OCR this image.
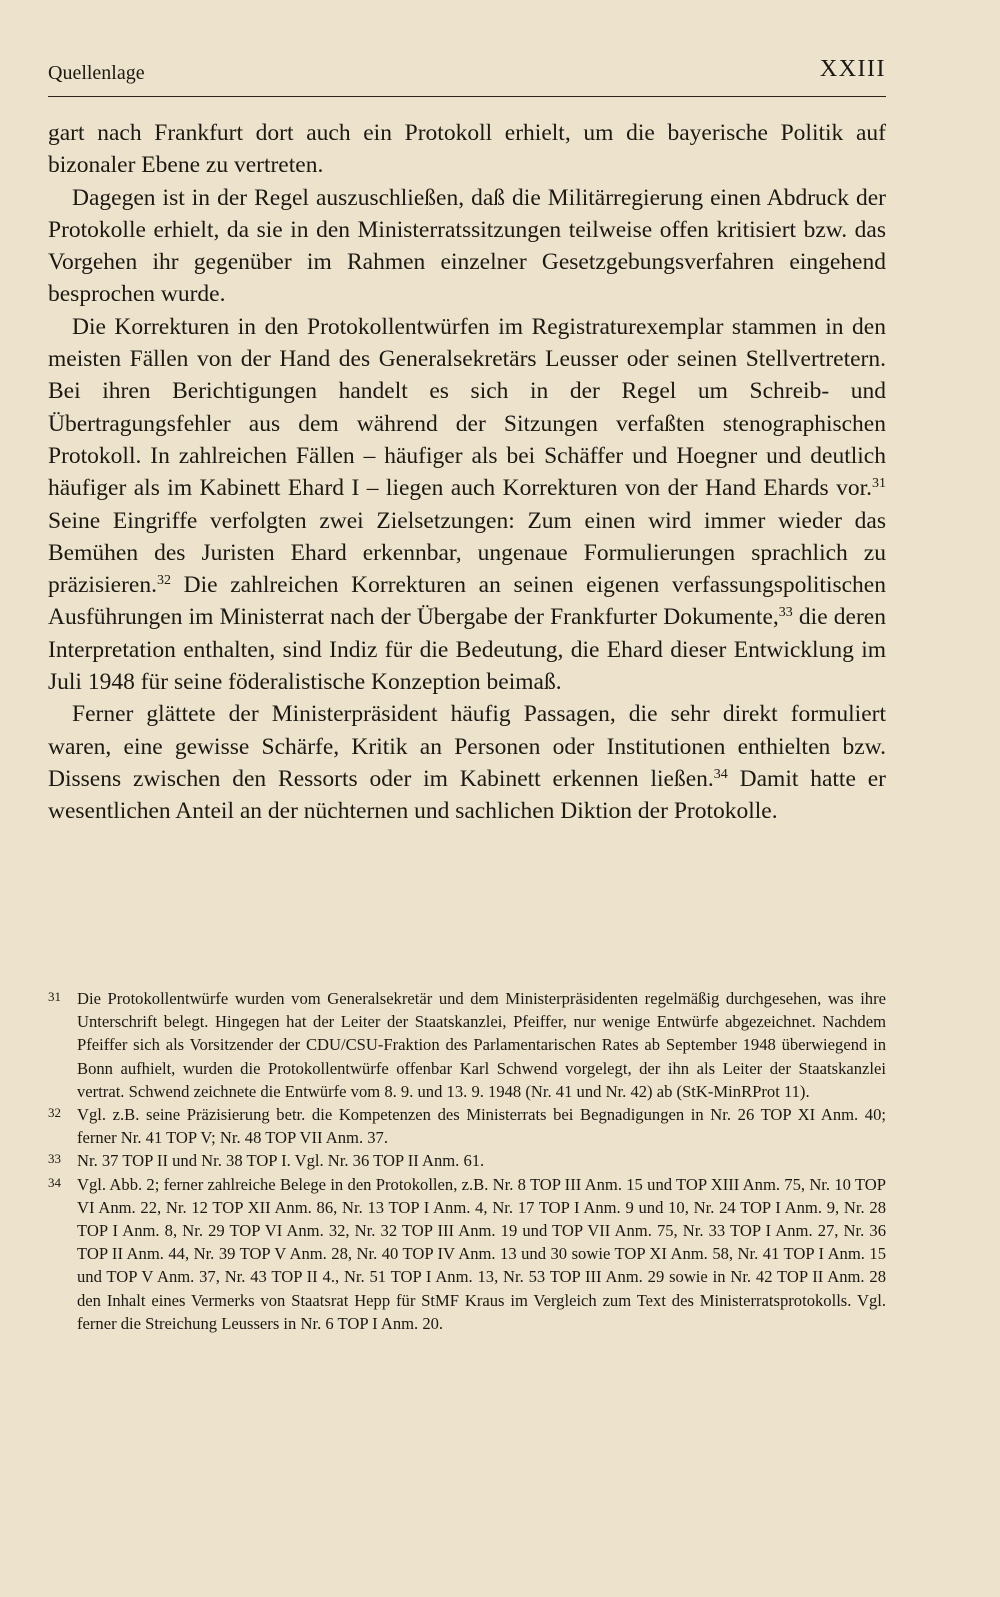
Quellenlage	XXIII

gart nach Frankfurt dort auch ein Protokoll erhielt, um die bayerische Politik auf bizonaler Ebene zu vertreten.

Dagegen ist in der Regel auszuschließen, daß die Militärregierung einen Abdruck der Protokolle erhielt, da sie in den Ministerratssitzungen teilweise offen kritisiert bzw. das Vorgehen ihr gegenüber im Rahmen einzelner Gesetzgebungsverfahren eingehend besprochen wurde.

Die Korrekturen in den Protokollentwürfen im Registraturexemplar stammen in den meisten Fällen von der Hand des Generalsekretärs Leusser oder seinen Stellvertretern. Bei ihren Berichtigungen handelt es sich in der Regel um Schreib- und Übertragungsfehler aus dem während der Sitzungen verfaßten stenographischen Protokoll. In zahlreichen Fällen – häufiger als bei Schäffer und Hoegner und deutlich häufiger als im Kabinett Ehard I – liegen auch Korrekturen von der Hand Ehards vor.$^{31}$ Seine Eingriffe verfolgten zwei Zielsetzungen: Zum einen wird immer wieder das Bemühen des Juristen Ehard erkennbar, ungenaue Formulierungen sprachlich zu präzisieren.$^{32}$ Die zahlreichen Korrekturen an seinen eigenen verfassungspolitischen Ausführungen im Ministerrat nach der Übergabe der Frankfurter Dokumente,$^{33}$ die deren Interpretation enthalten, sind Indiz für die Bedeutung, die Ehard dieser Entwicklung im Juli 1948 für seine föderalistische Konzeption beimaß.

Ferner glättete der Ministerpräsident häufig Passagen, die sehr direkt formuliert waren, eine gewisse Schärfe, Kritik an Personen oder Institutionen enthielten bzw. Dissens zwischen den Ressorts oder im Kabinett erkennen ließen.$^{34}$ Damit hatte er wesentlichen Anteil an der nüchternen und sachlichen Diktion der Protokolle.

31 Die Protokollentwürfe wurden vom Generalsekretär und dem Ministerpräsidenten regelmäßig durchgesehen, was ihre Unterschrift belegt. Hingegen hat der Leiter der Staatskanzlei, Pfeiffer, nur wenige Entwürfe abgezeichnet. Nachdem Pfeiffer sich als Vorsitzender der CDU/CSU-Fraktion des Parlamentarischen Rates ab September 1948 überwiegend in Bonn aufhielt, wurden die Protokollentwürfe offenbar Karl Schwend vorgelegt, der ihn als Leiter der Staatskanzlei vertrat. Schwend zeichnete die Entwürfe vom 8. 9. und 13. 9. 1948 (Nr. 41 und Nr. 42) ab (StK-MinRProt 11).
32 Vgl. z.B. seine Präzisierung betr. die Kompetenzen des Ministerrats bei Begnadigungen in Nr. 26 TOP XI Anm. 40; ferner Nr. 41 TOP V; Nr. 48 TOP VII Anm. 37.
33 Nr. 37 TOP II und Nr. 38 TOP I. Vgl. Nr. 36 TOP II Anm. 61.
34 Vgl. Abb. 2; ferner zahlreiche Belege in den Protokollen, z.B. Nr. 8 TOP III Anm. 15 und TOP XIII Anm. 75, Nr. 10 TOP VI Anm. 22, Nr. 12 TOP XII Anm. 86, Nr. 13 TOP I Anm. 4, Nr. 17 TOP I Anm. 9 und 10, Nr. 24 TOP I Anm. 9, Nr. 28 TOP I Anm. 8, Nr. 29 TOP VI Anm. 32, Nr. 32 TOP III Anm. 19 und TOP VII Anm. 75, Nr. 33 TOP I Anm. 27, Nr. 36 TOP II Anm. 44, Nr. 39 TOP V Anm. 28, Nr. 40 TOP IV Anm. 13 und 30 sowie TOP XI Anm. 58, Nr. 41 TOP I Anm. 15 und TOP V Anm. 37, Nr. 43 TOP II 4., Nr. 51 TOP I Anm. 13, Nr. 53 TOP III Anm. 29 sowie in Nr. 42 TOP II Anm. 28 den Inhalt eines Vermerks von Staatsrat Hepp für StMF Kraus im Vergleich zum Text des Ministerratsprotokolls. Vgl. ferner die Streichung Leussers in Nr. 6 TOP I Anm. 20.
